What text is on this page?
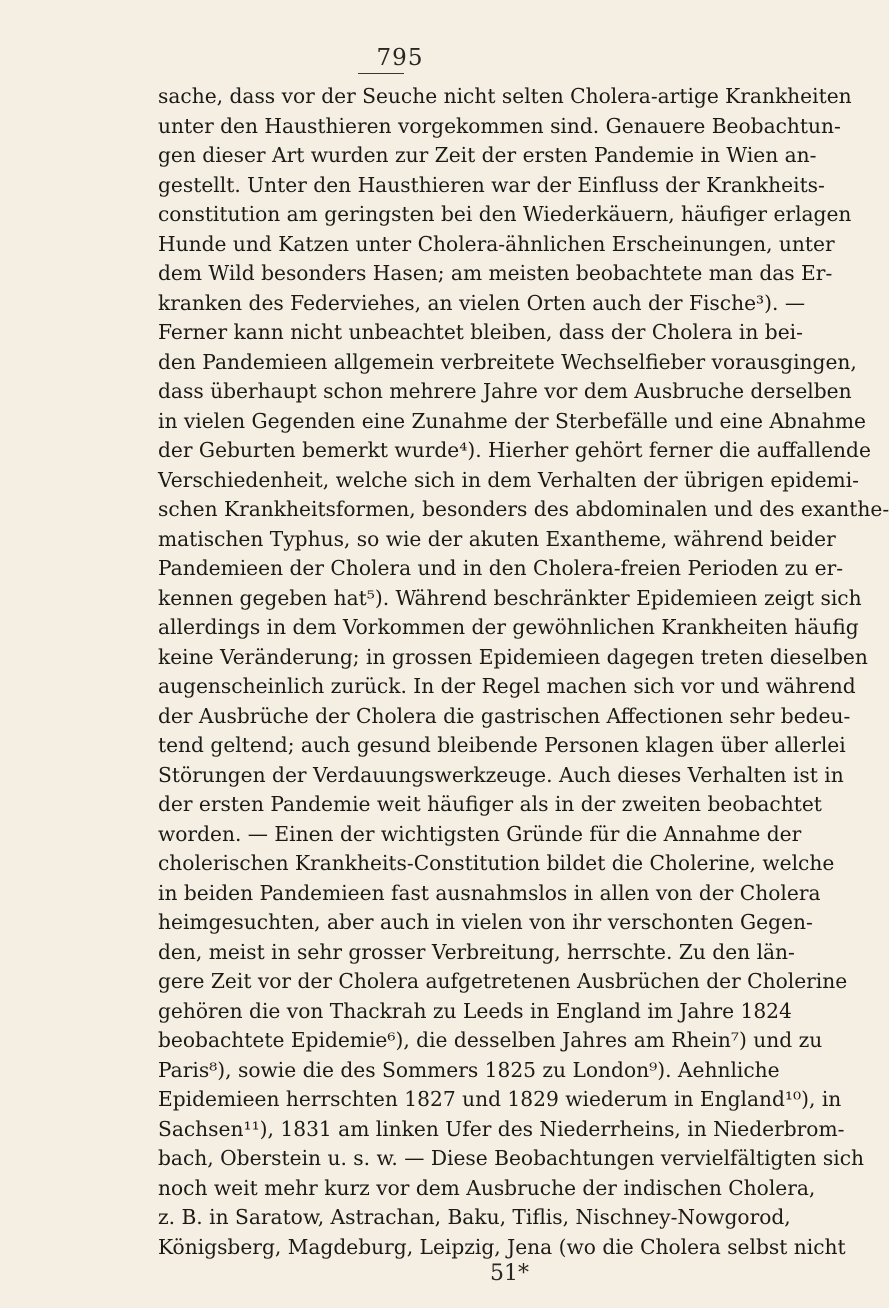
795
sache, dass vor der Seuche nicht selten Cholera-artige Krankheiten
unter den Hausthieren vorgekommen sind. Genauere Beobachtun-
gen dieser Art wurden zur Zeit der ersten Pandemie in Wien an-
gestellt. Unter den Hausthieren war der Einfluss der Krankheits-
constitution am geringsten bei den Wiederkäuern, häufiger erlagen
Hunde und Katzen unter Cholera-ähnlichen Erscheinungen, unter
dem Wild besonders Hasen; am meisten beobachtete man das Er-
kranken des Federviehes, an vielen Orten auch der Fische³). —
Ferner kann nicht unbeachtet bleiben, dass der Cholera in bei-
den Pandemieen allgemein verbreitete Wechselfieber vorausgingen,
dass überhaupt schon mehrere Jahre vor dem Ausbruche derselben
in vielen Gegenden eine Zunahme der Sterbefälle und eine Abnahme
der Geburten bemerkt wurde⁴). Hierher gehört ferner die auffallende
Verschiedenheit, welche sich in dem Verhalten der übrigen epidemi-
schen Krankheitsformen, besonders des abdominalen und des exanthe-
matischen Typhus, so wie der akuten Exantheme, während beider
Pandemieen der Cholera und in den Cholera-freien Perioden zu er-
kennen gegeben hat⁵). Während beschränkter Epidemieen zeigt sich
allerdings in dem Vorkommen der gewöhnlichen Krankheiten häufig
keine Veränderung; in grossen Epidemieen dagegen treten dieselben
augenscheinlich zurück. In der Regel machen sich vor und während
der Ausbrüche der Cholera die gastrischen Affectionen sehr bedeu-
tend geltend; auch gesund bleibende Personen klagen über allerlei
Störungen der Verdauungswerkzeuge. Auch dieses Verhalten ist in
der ersten Pandemie weit häufiger als in der zweiten beobachtet
worden. — Einen der wichtigsten Gründe für die Annahme der
cholerischen Krankheits-Constitution bildet die Cholerine, welche
in beiden Pandemieen fast ausnahmslos in allen von der Cholera
heimgesuchten, aber auch in vielen von ihr verschonten Gegen-
den, meist in sehr grosser Verbreitung, herrschte. Zu den län-
gere Zeit vor der Cholera aufgetretenen Ausbrüchen der Cholerine
gehören die von Thackrah zu Leeds in England im Jahre 1824
beobachtete Epidemie⁶), die desselben Jahres am Rhein⁷) und zu
Paris⁸), sowie die des Sommers 1825 zu London⁹). Aehnliche
Epidemieen herrschten 1827 und 1829 wiederum in England¹⁰), in
Sachsen¹¹), 1831 am linken Ufer des Niederrheins, in Niederbrom-
bach, Oberstein u. s. w. — Diese Beobachtungen vervielfältigten sich
noch weit mehr kurz vor dem Ausbruche der indischen Cholera,
z. B. in Saratow, Astrachan, Baku, Tiflis, Nischney-Nowgorod,
Königsberg, Magdeburg, Leipzig, Jena (wo die Cholera selbst nicht
51*
